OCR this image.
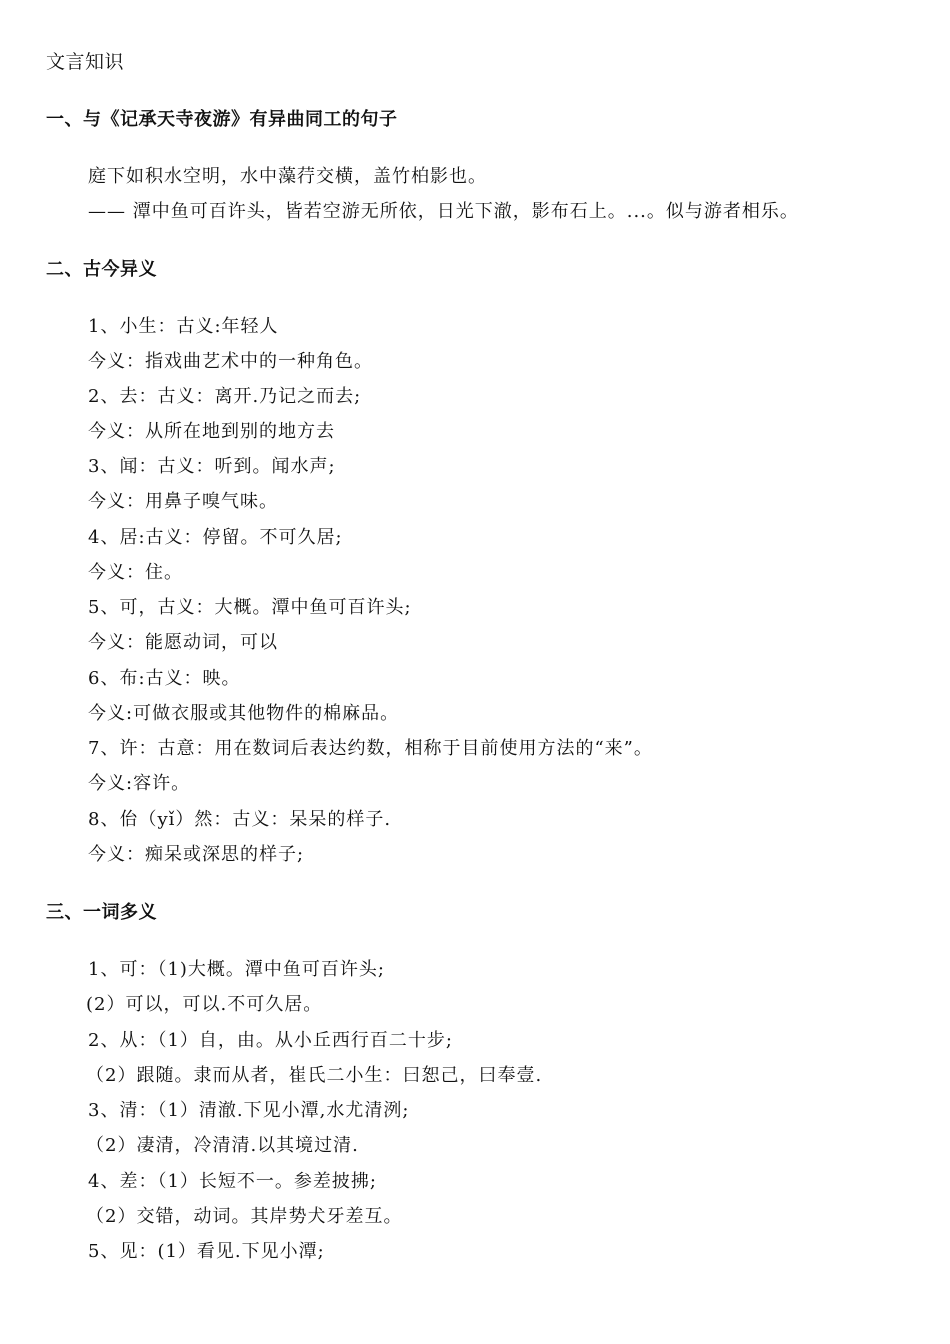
文言知识
一、与《记承天寺夜游》有异曲同工的句子
庭下如积水空明，水中藻荇交横，盖竹柏影也。
—— 潭中鱼可百许头，皆若空游无所依，日光下澈，影布石上。...。似与游者相乐。
二、古今异义
1、小生：古义:年轻人
今义：指戏曲艺术中的一种角色。
2、去：古义：离开.乃记之而去;
今义：从所在地到别的地方去
3、闻：古义：听到。闻水声;
今义：用鼻子嗅气味。
4、居:古义：停留。不可久居;
今义：住。
5、可，古义：大概。潭中鱼可百许头;
今义：能愿动词，可以
6、布:古义：映。
今义:可做衣服或其他物件的棉麻品。
7、许：古意：用在数词后表达约数，相称于目前使用方法的“来”。
今义:容许。
8、佁（yǐ）然：古义：呆呆的样子.
今义：痴呆或深思的样子;
三、一词多义
1、可：（1)大概。潭中鱼可百许头;
(2）可以，可以.不可久居。
2、从：（1）自，由。从小丘西行百二十步;
（2）跟随。隶而从者，崔氏二小生：曰恕己，曰奉壹.
3、清：（1）清澈.下见小潭,水尤清洌;
（2）凄清，冷清清.以其境过清.
4、差：（1）长短不一。参差披拂;
（2）交错，动词。其岸势犬牙差互。
5、见：(1）看见.下见小潭;
